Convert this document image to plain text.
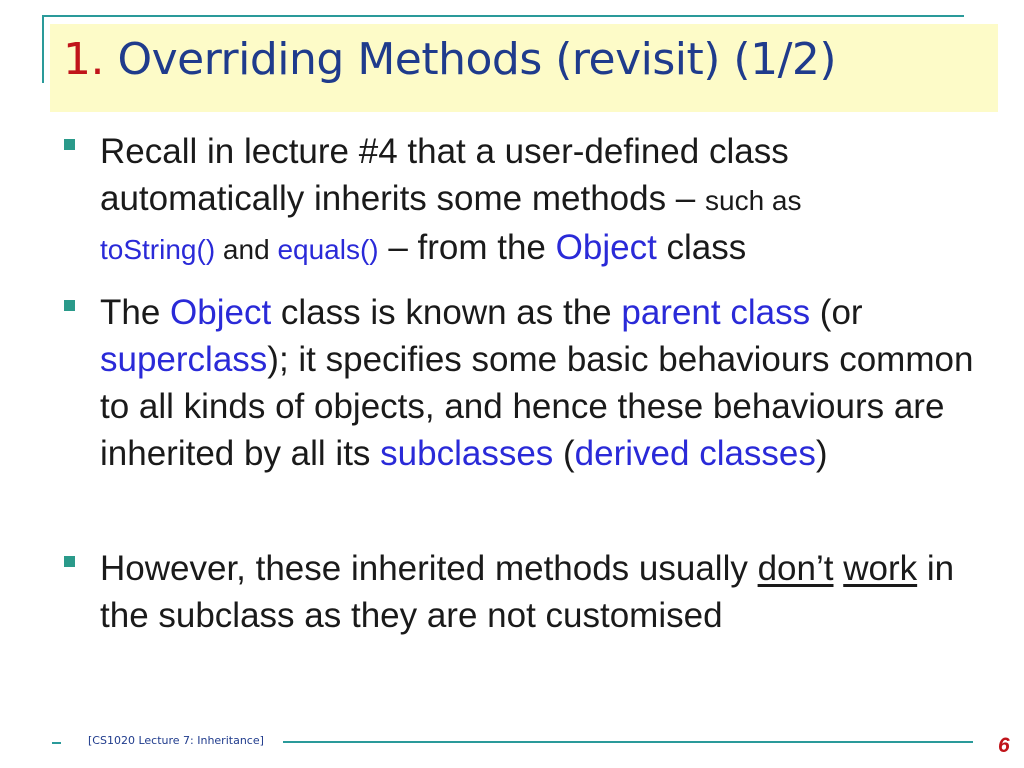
1. Overriding Methods (revisit) (1/2)
Recall in lecture #4 that a user-defined class automatically inherits some methods – such as
toString() and equals() – from the Object class
The Object class is known as the parent class (or superclass); it specifies some basic behaviours common to all kinds of objects, and hence these behaviours are inherited by all its subclasses (derived classes)
However, these inherited methods usually don’t work in the subclass as they are not customised
[CS1020 Lecture 7: Inheritance]	6
